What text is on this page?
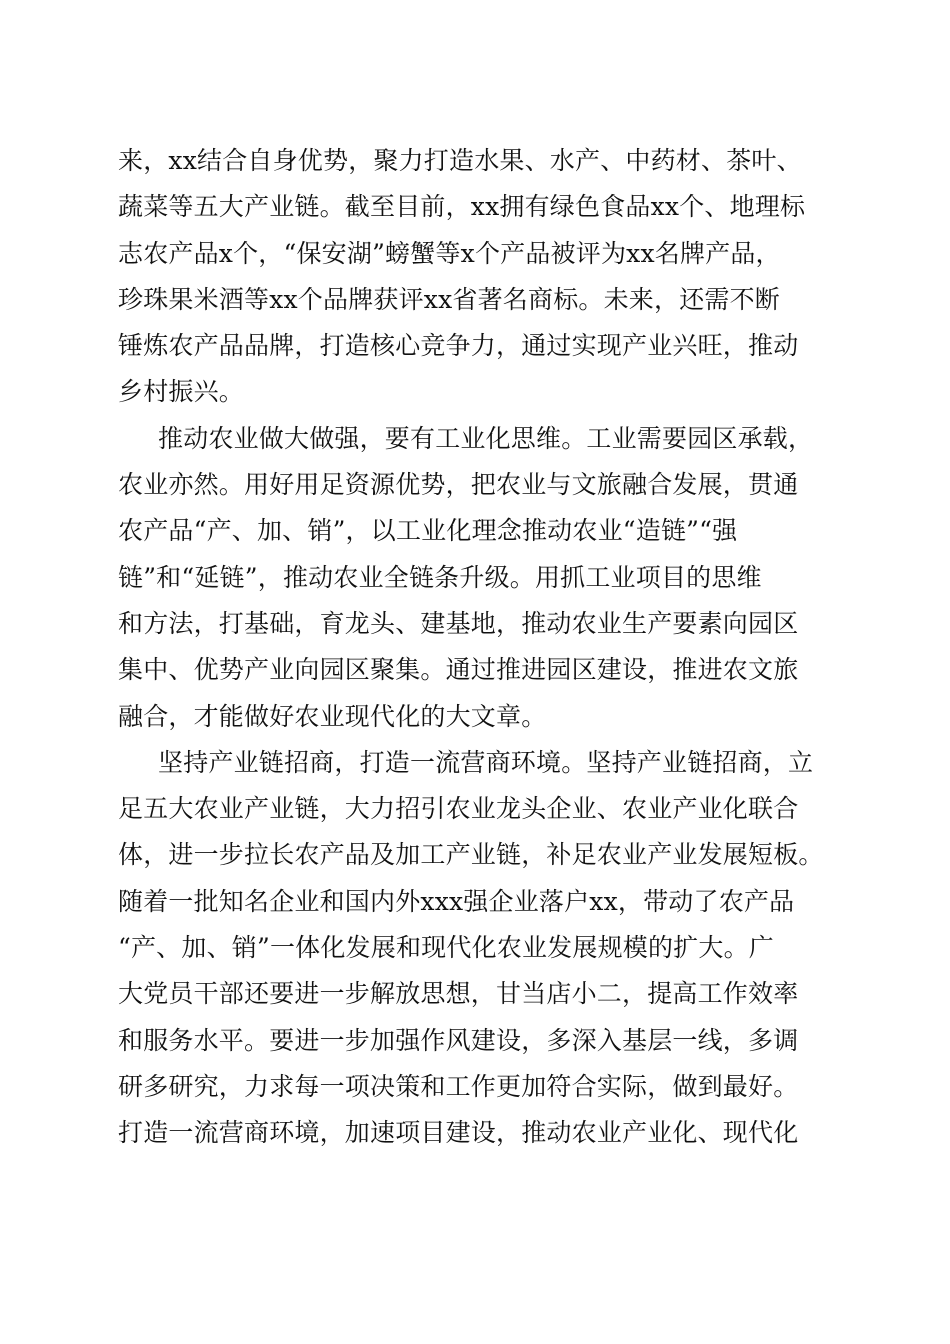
来，xx结合自身优势，聚力打造水果、水产、中药材、茶叶、
蔬菜等五大产业链。截至目前，xx拥有绿色食品xx个、地理标
志农产品x个，“保安湖”螃蟹等x个产品被评为xx名牌产品，
珍珠果米酒等xx个品牌获评xx省著名商标。未来，还需不断
锤炼农产品品牌，打造核心竞争力，通过实现产业兴旺，推动
乡村振兴。
推动农业做大做强，要有工业化思维。工业需要园区承载，
农业亦然。用好用足资源优势，把农业与文旅融合发展，贯通
农产品“产、加、销”，以工业化理念推动农业“造链”“强
链”和“延链”，推动农业全链条升级。用抓工业项目的思维
和方法，打基础，育龙头、建基地，推动农业生产要素向园区
集中、优势产业向园区聚集。通过推进园区建设，推进农文旅
融合，才能做好农业现代化的大文章。
坚持产业链招商，打造一流营商环境。坚持产业链招商，立
足五大农业产业链，大力招引农业龙头企业、农业产业化联合
体，进一步拉长农产品及加工产业链，补足农业产业发展短板。
随着一批知名企业和国内外xxx强企业落户xx，带动了农产品
“产、加、销”一体化发展和现代化农业发展规模的扩大。广
大党员干部还要进一步解放思想，甘当店小二，提高工作效率
和服务水平。要进一步加强作风建设，多深入基层一线，多调
研多研究，力求每一项决策和工作更加符合实际，做到最好。
打造一流营商环境，加速项目建设，推动农业产业化、现代化
